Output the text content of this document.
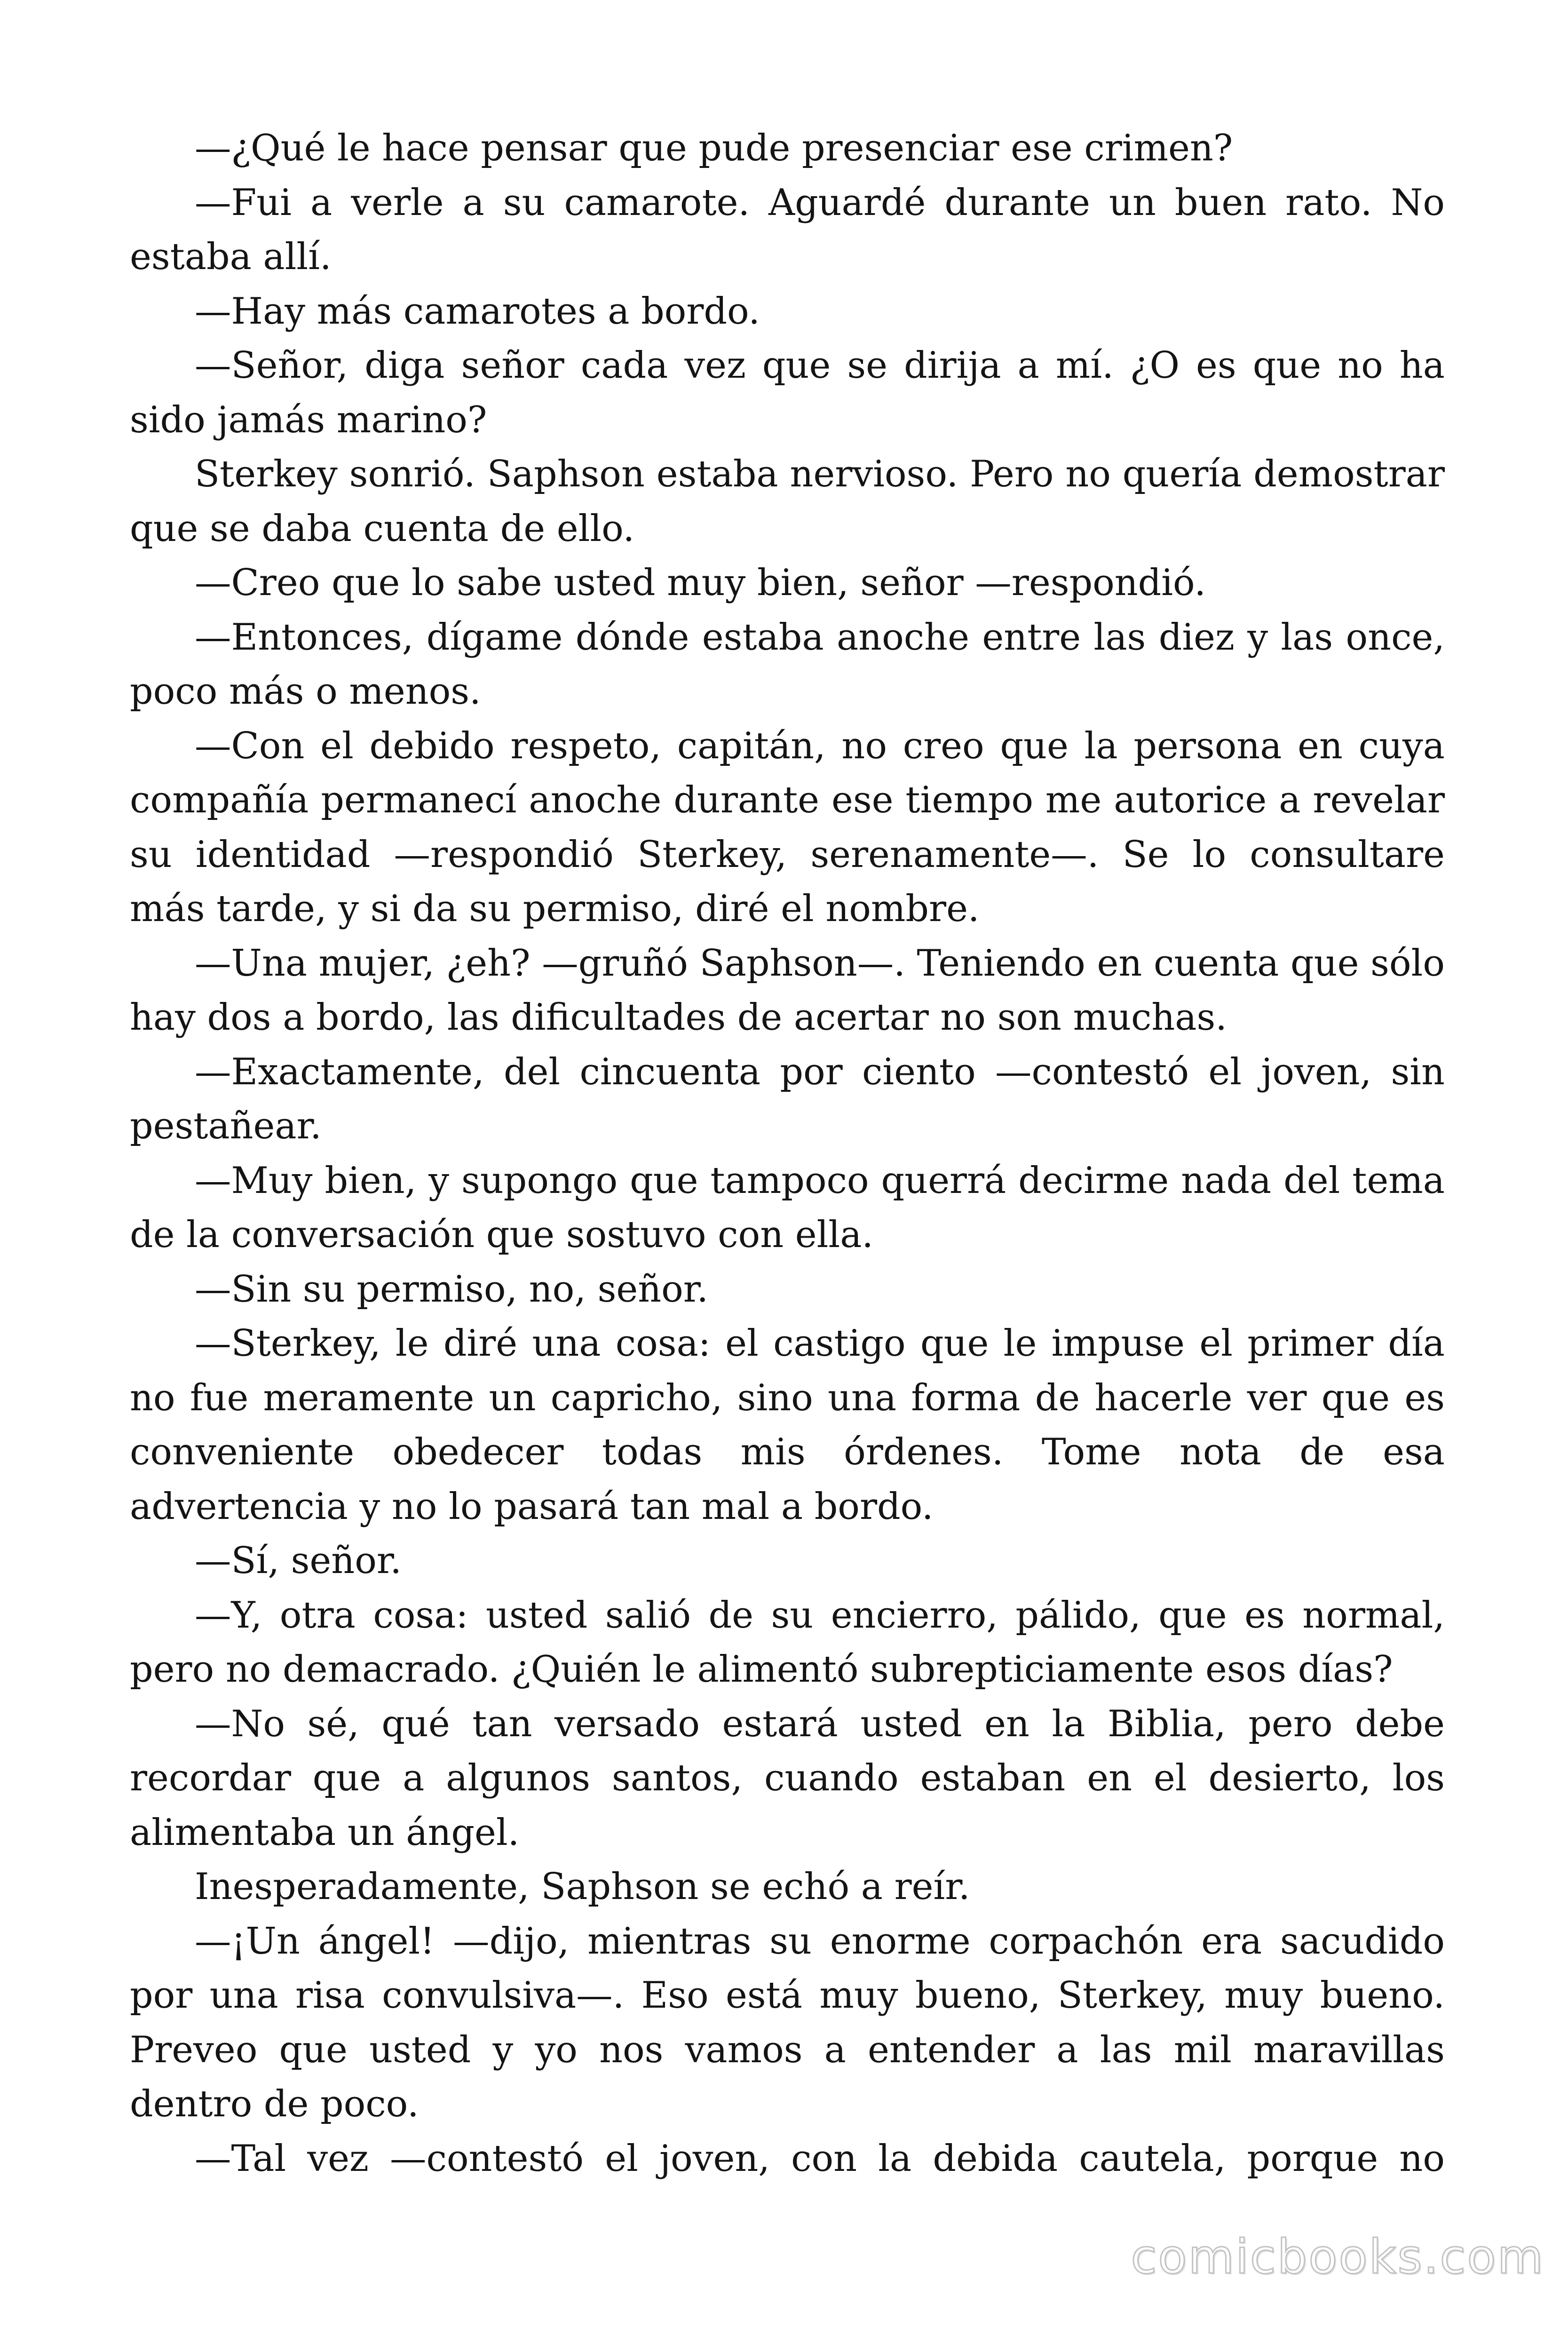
—¿Qué le hace pensar que pude presenciar ese crimen?

—Fui a verle a su camarote. Aguardé durante un buen rato. No estaba allí.

—Hay más camarotes a bordo.

—Señor, diga señor cada vez que se dirija a mí. ¿O es que no ha sido jamás marino?

Sterkey sonrió. Saphson estaba nervioso. Pero no quería demostrar que se daba cuenta de ello.

—Creo que lo sabe usted muy bien, señor —respondió.

—Entonces, dígame dónde estaba anoche entre las diez y las once, poco más o menos.

—Con el debido respeto, capitán, no creo que la persona en cuya compañía permanecí anoche durante ese tiempo me autorice a revelar su identidad —respondió Sterkey, serenamente—. Se lo consultare más tarde, y si da su permiso, diré el nombre.

—Una mujer, ¿eh? —gruñó Saphson—. Teniendo en cuenta que sólo hay dos a bordo, las dificultades de acertar no son muchas.

—Exactamente, del cincuenta por ciento —contestó el joven, sin pestañear.

—Muy bien, y supongo que tampoco querrá decirme nada del tema de la conversación que sostuvo con ella.

—Sin su permiso, no, señor.

—Sterkey, le diré una cosa: el castigo que le impuse el primer día no fue meramente un capricho, sino una forma de hacerle ver que es conveniente obedecer todas mis órdenes. Tome nota de esa advertencia y no lo pasará tan mal a bordo.

—Sí, señor.

—Y, otra cosa: usted salió de su encierro, pálido, que es normal, pero no demacrado. ¿Quién le alimentó subrepticiamente esos días?

—No sé, qué tan versado estará usted en la Biblia, pero debe recordar que a algunos santos, cuando estaban en el desierto, los alimentaba un ángel.

Inesperadamente, Saphson se echó a reír.

—¡Un ángel! —dijo, mientras su enorme corpachón era sacudido por una risa convulsiva—. Eso está muy bueno, Sterkey, muy bueno. Preveo que usted y yo nos vamos a entender a las mil maravillas dentro de poco.

—Tal vez —contestó el joven, con la debida cautela, porque no

comicbooks.com
